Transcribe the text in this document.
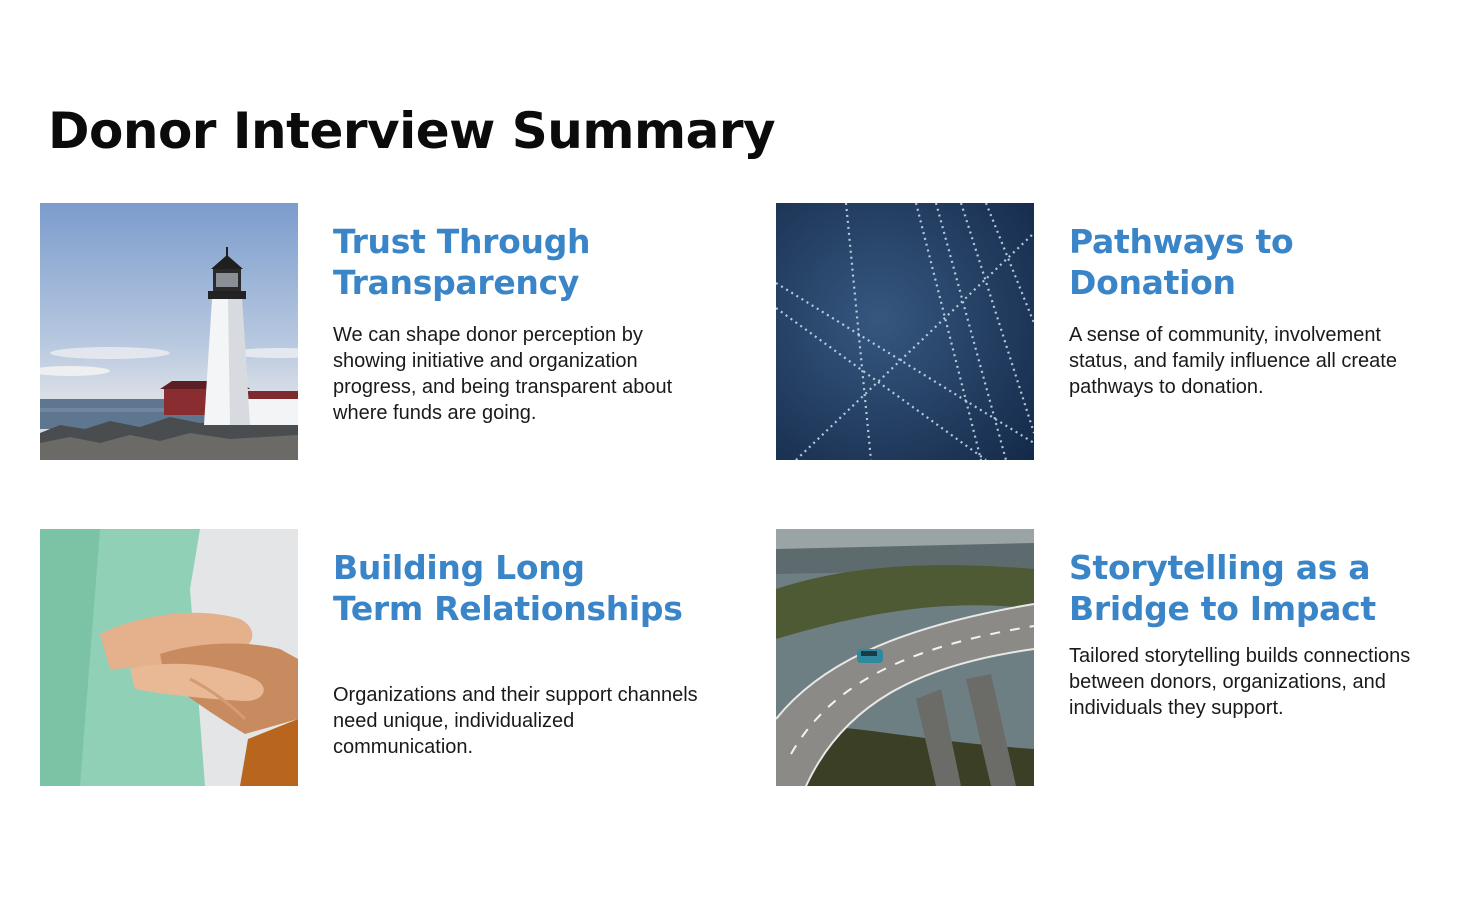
Donor Interview Summary
Trust Through Transparency

We can shape donor perception by showing initiative and organization progress, and being transparent about where funds are going.

Pathways to Donation

A sense of community, involvement status, and family influence all create pathways to donation.

Building Long Term Relationships

Organizations and their support channels need unique, individualized communication.

Storytelling as a Bridge to Impact

Tailored storytelling builds connections between donors, organizations, and individuals they support.
